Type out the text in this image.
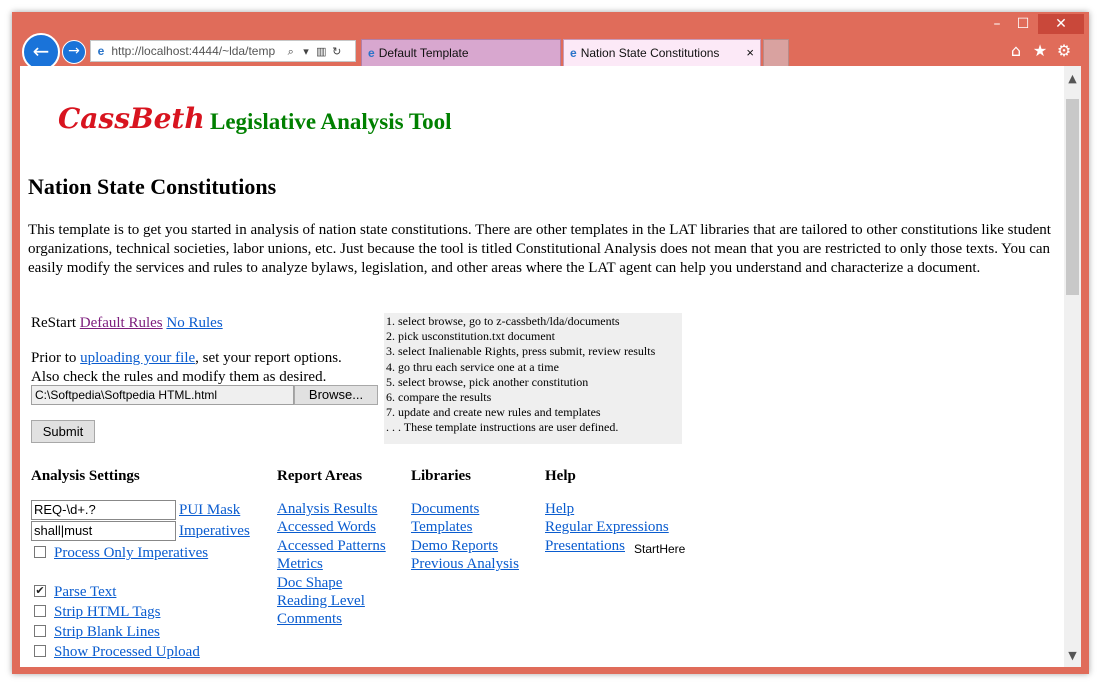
–	☐	✕
←	→	e http://localhost:4444/~lda/temp ⌕ ▾ ▥ ↻	e Default Template	e Nation State Constitutions ×	⌂ ★ ⚙
▲
▼
CassBeth Legislative Analysis Tool
Nation State Constitutions

This template is to get you started in analysis of nation state constitutions. There are other templates in the LAT libraries that are tailored to other constitutions like student organizations, technical societies, labor unions, etc. Just because the tool is titled Constitutional Analysis does not mean that you are restricted to only those texts. You can easily modify the services and rules to analyze bylaws, legislation, and other areas where the LAT agent can help you understand and characterize a document.

ReStart Default Rules No Rules
Prior to uploading your file, set your report options.
Also check the rules and modify them as desired.
C:\Softpedia\Softpedia HTML.html	Browse...
Submit
1. select browse, go to z-cassbeth/lda/documents
2. pick usconstitution.txt document
3. select Inalienable Rights, press submit, review results
4. go thru each service one at a time
5. select browse, pick another constitution
6. compare the results
7. update and create new rules and templates
. . . These template instructions are user defined.
Analysis Settings
REQ-\d+.?	PUI Mask
shall|must	Imperatives
Process Only Imperatives
✔ Parse Text
Strip HTML Tags
Strip Blank Lines
Show Processed Upload
Report Areas
Analysis Results
Accessed Words
Accessed Patterns
Metrics
Doc Shape
Reading Level
Comments
Libraries
Documents
Templates
Demo Reports
Previous Analysis
Help
Help
Regular Expressions
Presentations StartHere
